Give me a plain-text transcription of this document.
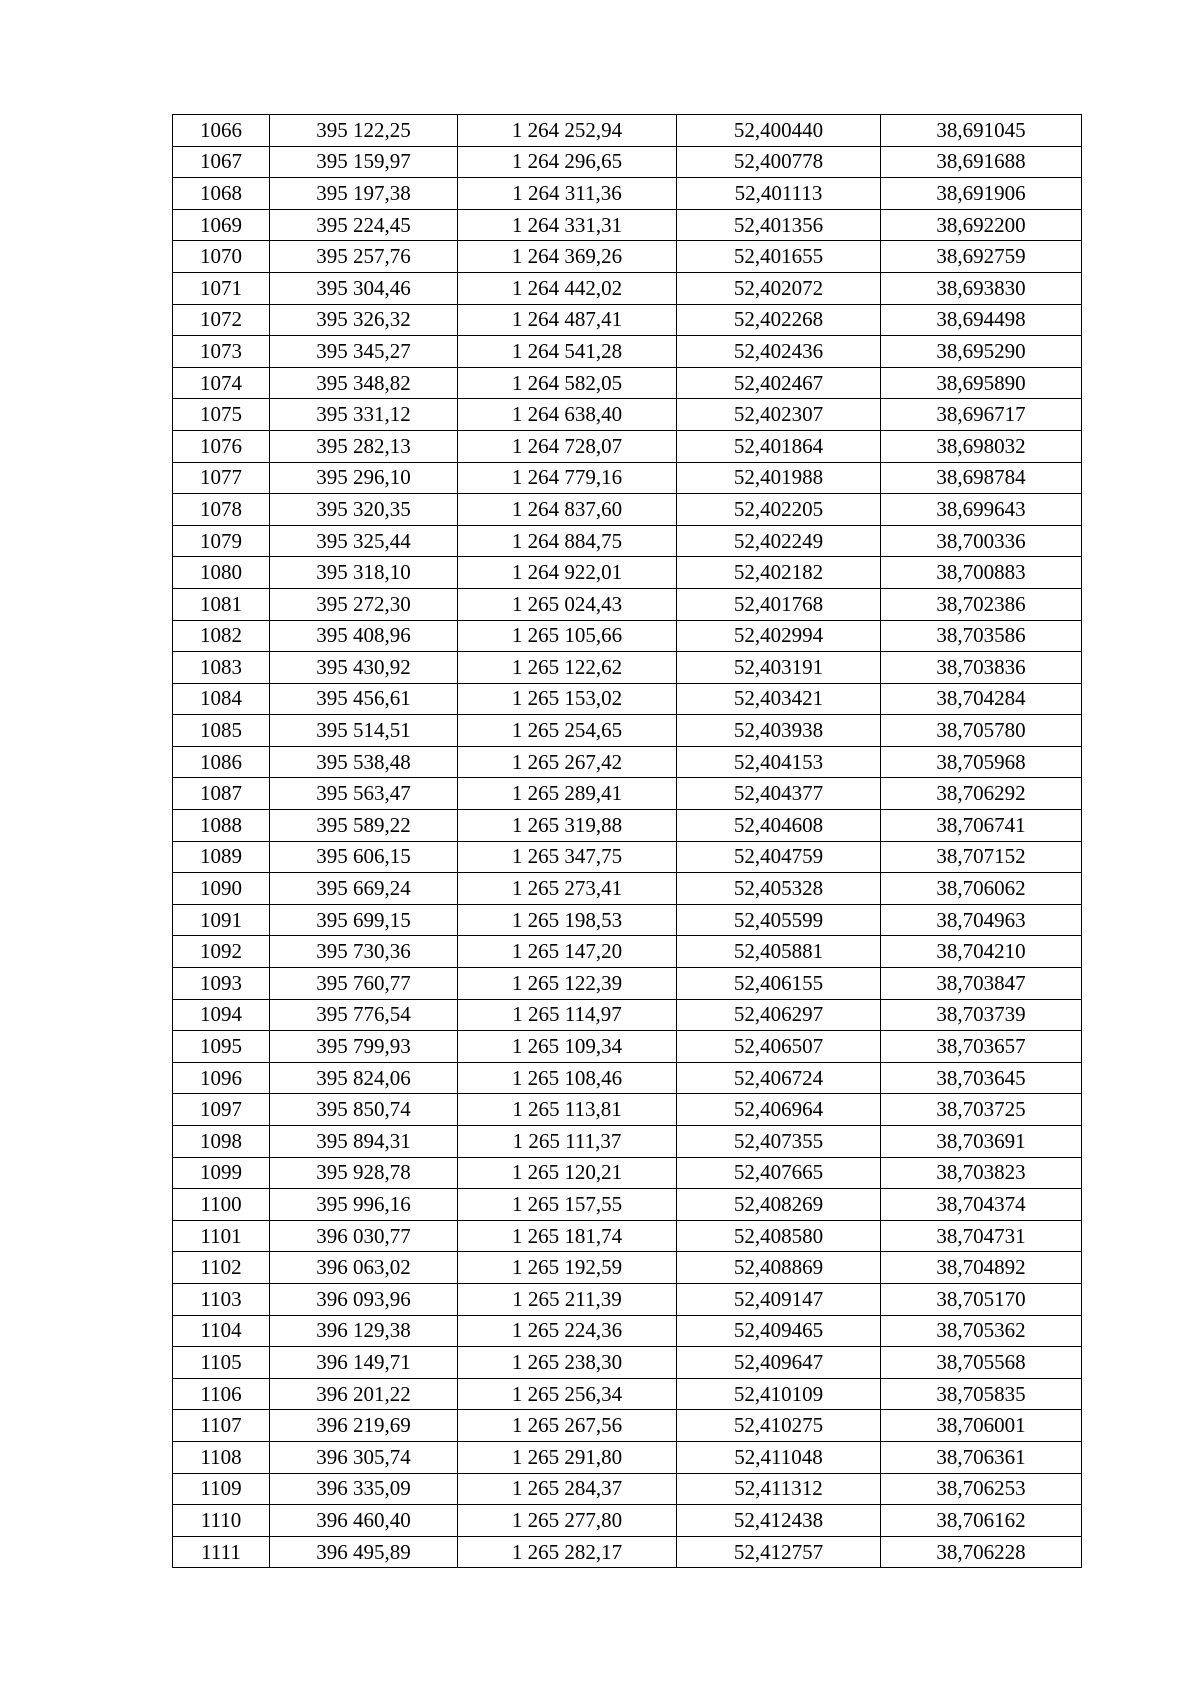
1066	395 122,25	1 264 252,94	52,400440	38,691045
1067	395 159,97	1 264 296,65	52,400778	38,691688
1068	395 197,38	1 264 311,36	52,401113	38,691906
1069	395 224,45	1 264 331,31	52,401356	38,692200
1070	395 257,76	1 264 369,26	52,401655	38,692759
1071	395 304,46	1 264 442,02	52,402072	38,693830
1072	395 326,32	1 264 487,41	52,402268	38,694498
1073	395 345,27	1 264 541,28	52,402436	38,695290
1074	395 348,82	1 264 582,05	52,402467	38,695890
1075	395 331,12	1 264 638,40	52,402307	38,696717
1076	395 282,13	1 264 728,07	52,401864	38,698032
1077	395 296,10	1 264 779,16	52,401988	38,698784
1078	395 320,35	1 264 837,60	52,402205	38,699643
1079	395 325,44	1 264 884,75	52,402249	38,700336
1080	395 318,10	1 264 922,01	52,402182	38,700883
1081	395 272,30	1 265 024,43	52,401768	38,702386
1082	395 408,96	1 265 105,66	52,402994	38,703586
1083	395 430,92	1 265 122,62	52,403191	38,703836
1084	395 456,61	1 265 153,02	52,403421	38,704284
1085	395 514,51	1 265 254,65	52,403938	38,705780
1086	395 538,48	1 265 267,42	52,404153	38,705968
1087	395 563,47	1 265 289,41	52,404377	38,706292
1088	395 589,22	1 265 319,88	52,404608	38,706741
1089	395 606,15	1 265 347,75	52,404759	38,707152
1090	395 669,24	1 265 273,41	52,405328	38,706062
1091	395 699,15	1 265 198,53	52,405599	38,704963
1092	395 730,36	1 265 147,20	52,405881	38,704210
1093	395 760,77	1 265 122,39	52,406155	38,703847
1094	395 776,54	1 265 114,97	52,406297	38,703739
1095	395 799,93	1 265 109,34	52,406507	38,703657
1096	395 824,06	1 265 108,46	52,406724	38,703645
1097	395 850,74	1 265 113,81	52,406964	38,703725
1098	395 894,31	1 265 111,37	52,407355	38,703691
1099	395 928,78	1 265 120,21	52,407665	38,703823
1100	395 996,16	1 265 157,55	52,408269	38,704374
1101	396 030,77	1 265 181,74	52,408580	38,704731
1102	396 063,02	1 265 192,59	52,408869	38,704892
1103	396 093,96	1 265 211,39	52,409147	38,705170
1104	396 129,38	1 265 224,36	52,409465	38,705362
1105	396 149,71	1 265 238,30	52,409647	38,705568
1106	396 201,22	1 265 256,34	52,410109	38,705835
1107	396 219,69	1 265 267,56	52,410275	38,706001
1108	396 305,74	1 265 291,80	52,411048	38,706361
1109	396 335,09	1 265 284,37	52,411312	38,706253
1110	396 460,40	1 265 277,80	52,412438	38,706162
1111	396 495,89	1 265 282,17	52,412757	38,706228
